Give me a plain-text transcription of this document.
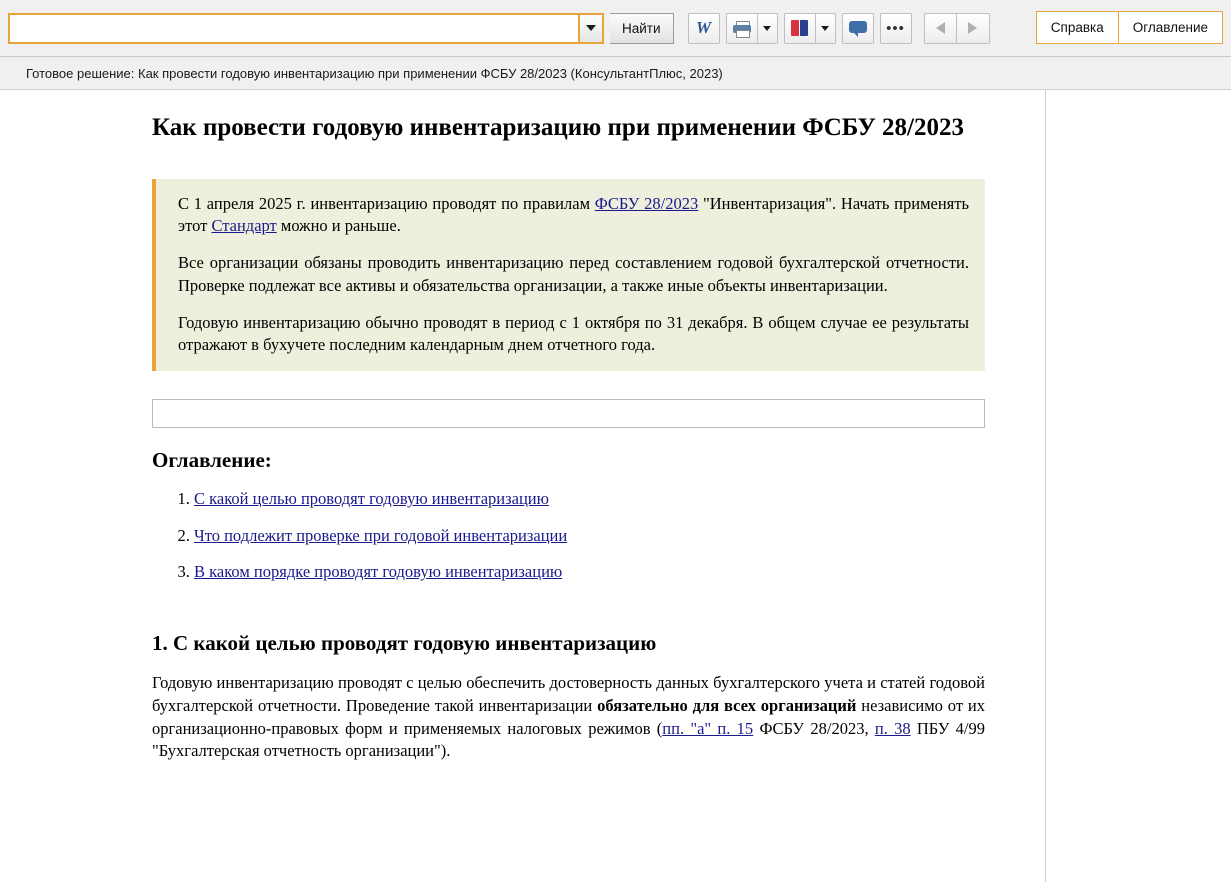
Найти	W	•••	Справка	Оглавление
Готовое решение: Как провести годовую инвентаризацию при применении ФСБУ 28/2023 (КонсультантПлюс, 2023)
Как провести годовую инвентаризацию при применении ФСБУ 28/2023

С 1 апреля 2025 г. инвентаризацию проводят по правилам ФСБУ 28/2023 "Инвентаризация". Начать применять этот Стандарт можно и раньше.

Все организации обязаны проводить инвентаризацию перед составлением годовой бухгалтерской отчетности. Проверке подлежат все активы и обязательства организации, а также иные объекты инвентаризации.

Годовую инвентаризацию обычно проводят в период с 1 октября по 31 декабря. В общем случае ее результаты отражают в бухучете последним календарным днем отчетного года.

Оглавление:
1. С какой целью проводят годовую инвентаризацию
2. Что подлежит проверке при годовой инвентаризации
3. В каком порядке проводят годовую инвентаризацию
1. С какой целью проводят годовую инвентаризацию

Годовую инвентаризацию проводят с целью обеспечить достоверность данных бухгалтерского учета и статей годовой бухгалтерской отчетности. Проведение такой инвентаризации обязательно для всех организаций независимо от их организационно-правовых форм и применяемых налоговых режимов (пп. "а" п. 15 ФСБУ 28/2023, п. 38 ПБУ 4/99 "Бухгалтерская отчетность организации").
